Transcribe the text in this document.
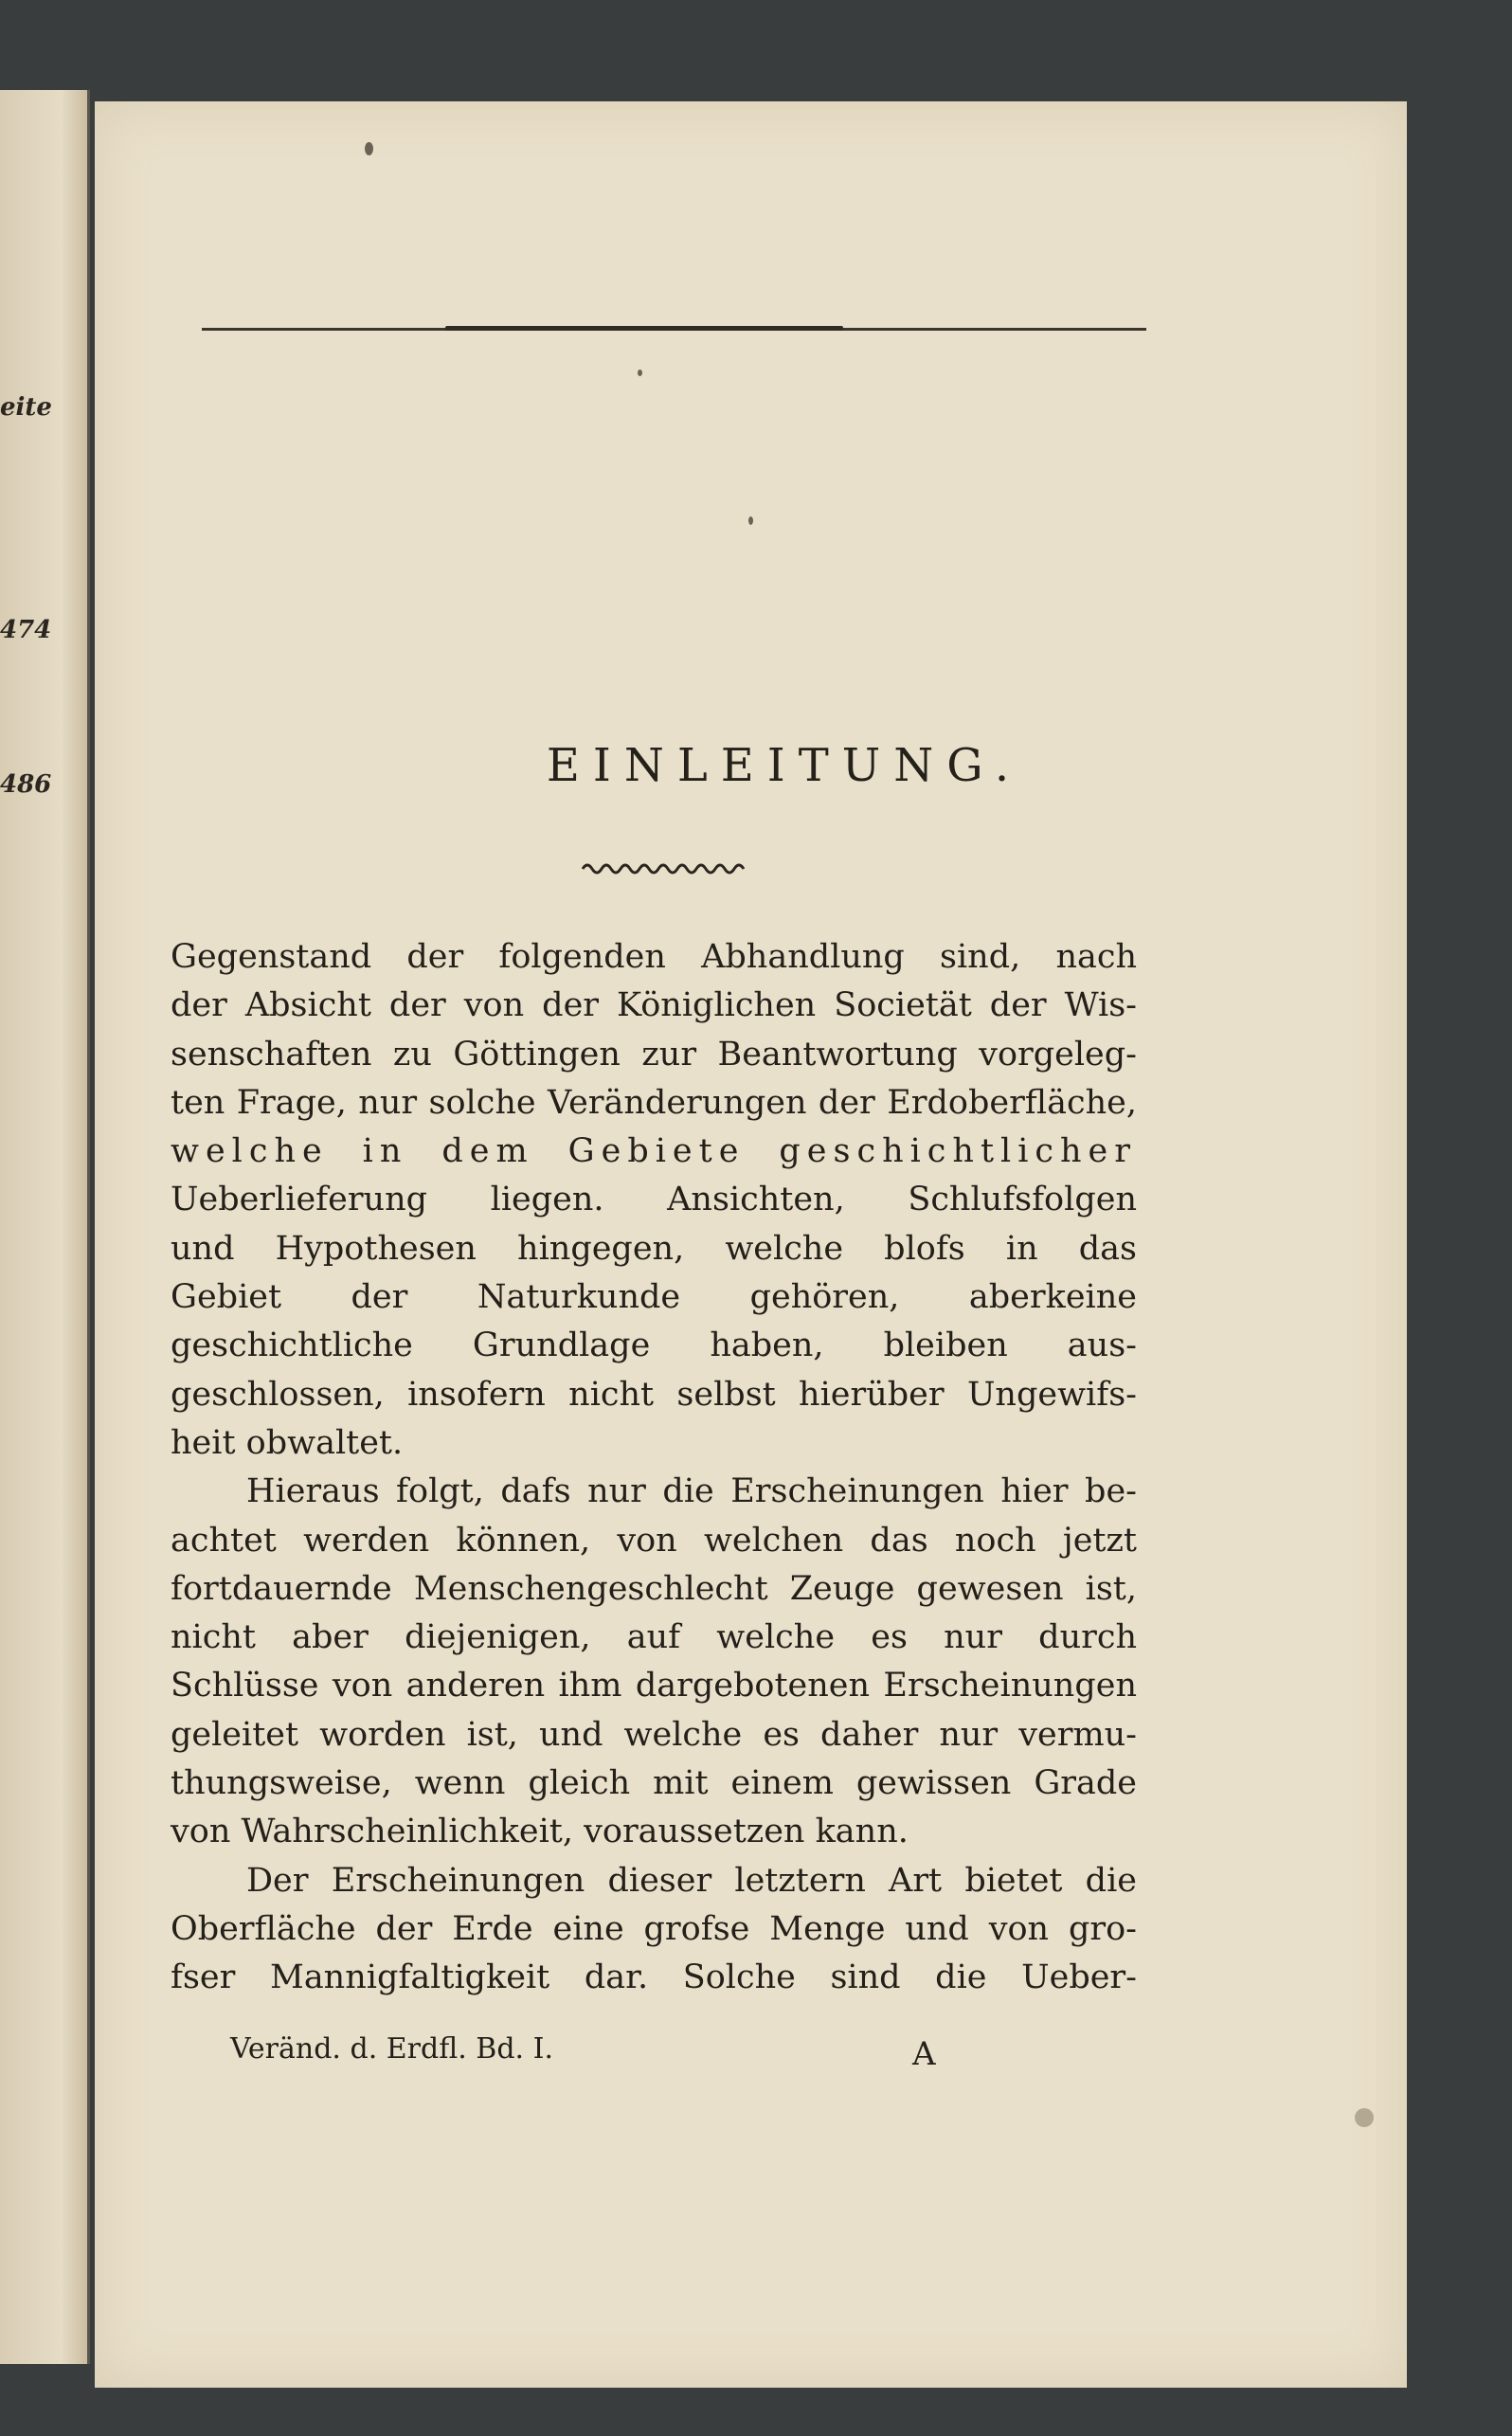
eite

474

486	EINLEITUNG.
Gegenstand der folgenden Abhandlung sind, nach
der Absicht der von der Königlichen Societät der Wis-
senschaften zu Göttingen zur Beantwortung vorgeleg-
ten Frage, nur solche Veränderungen der Erdoberfläche,
welche in dem Gebiete geschichtlicher
Ueberlieferung liegen. Ansichten, Schlufsfolgen
und Hypothesen hingegen, welche blofs in das
Gebiet der Naturkunde gehören, aberkeine
geschichtliche Grundlage haben, bleiben aus-
geschlossen, insofern nicht selbst hierüber Ungewifs-
heit obwaltet.
Hieraus folgt, dafs nur die Erscheinungen hier be-
achtet werden können, von welchen das noch jetzt
fortdauernde Menschengeschlecht Zeuge gewesen ist,
nicht aber diejenigen, auf welche es nur durch
Schlüsse von anderen ihm dargebotenen Erscheinungen
geleitet worden ist, und welche es daher nur vermu-
thungsweise, wenn gleich mit einem gewissen Grade
von Wahrscheinlichkeit, voraussetzen kann.
Der Erscheinungen dieser letztern Art bietet die
Oberfläche der Erde eine grofse Menge und von gro-
fser Mannigfaltigkeit dar. Solche sind die Ueber-

Veränd. d. Erdfl. Bd. I.	A
